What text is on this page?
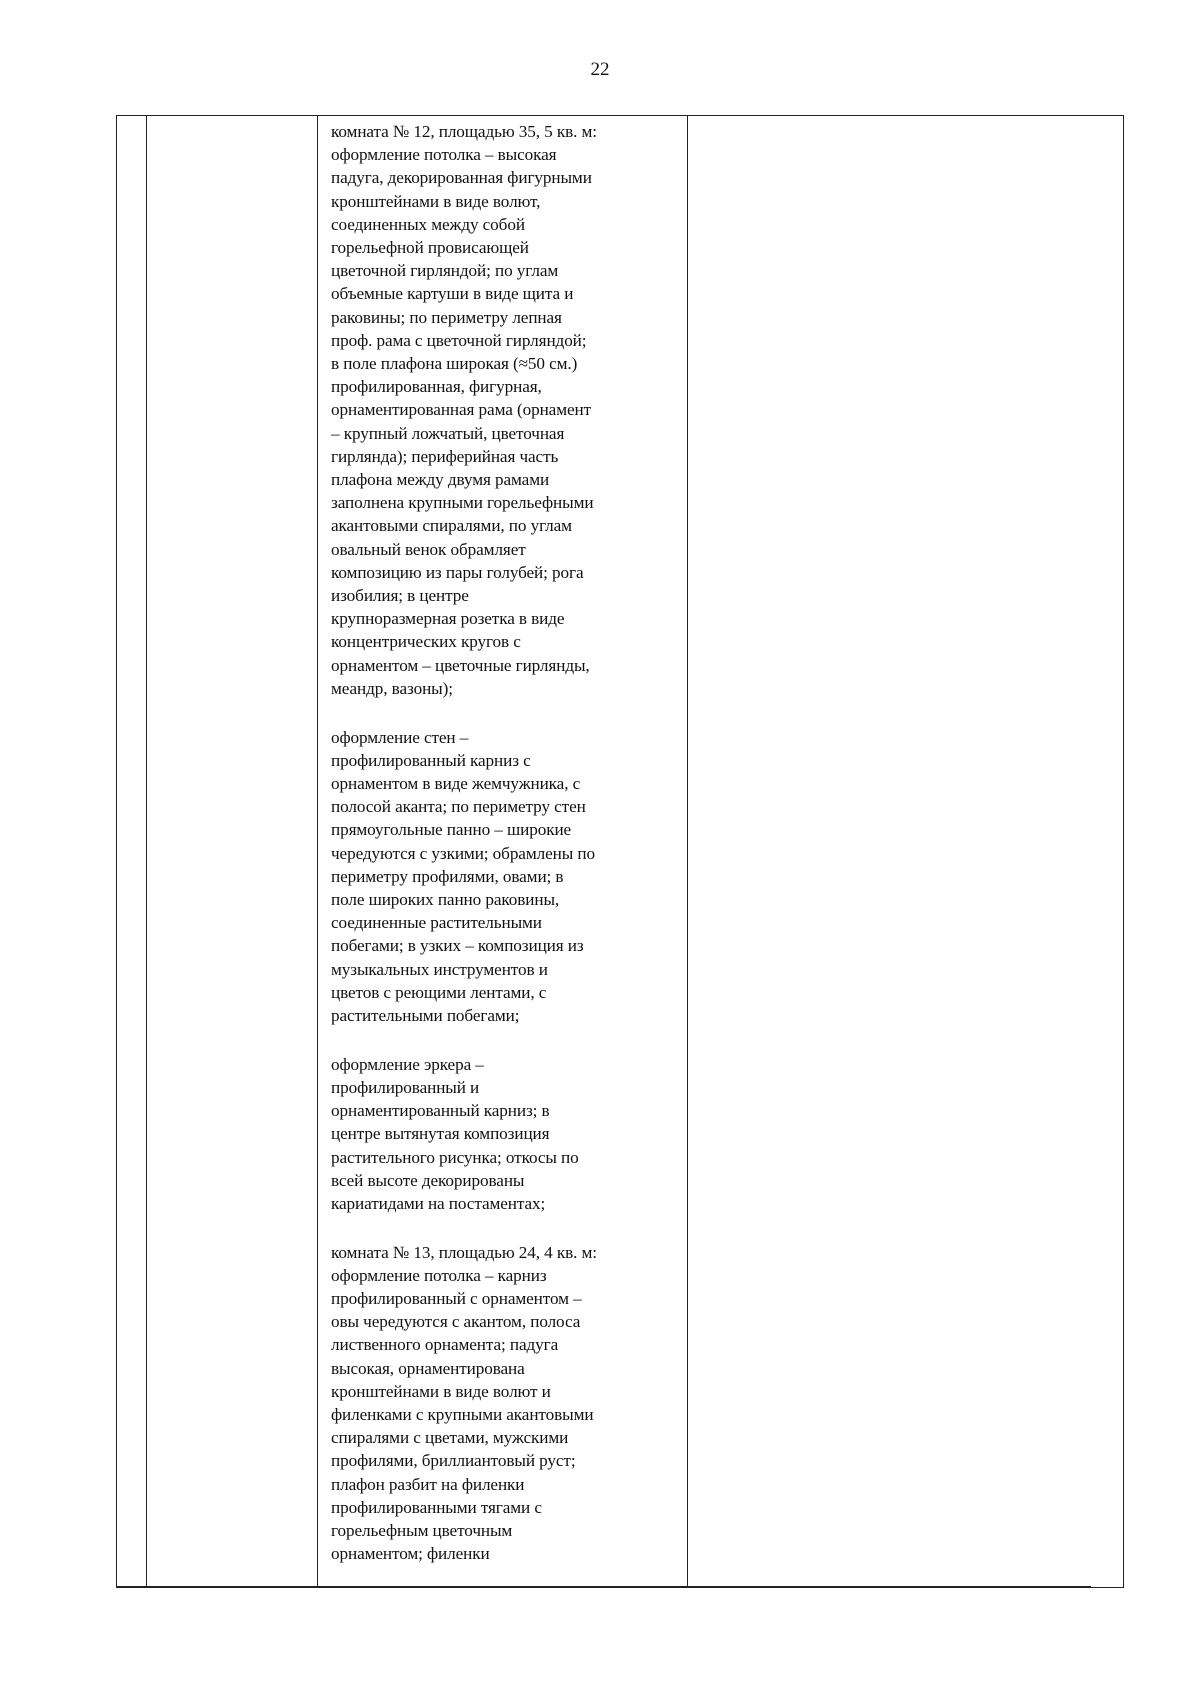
22

комната № 12, площадью 35, 5 кв. м:
оформление потолка – высокая
падуга, декорированная фигурными
кронштейнами в виде волют,
соединенных между собой
горельефной провисающей
цветочной гирляндой; по углам
объемные картуши в виде щита и
раковины; по периметру лепная
проф. рама с цветочной гирляндой;
в поле плафона широкая (≈50 см.)
профилированная, фигурная,
орнаментированная рама (орнамент
– крупный ложчатый, цветочная
гирлянда); периферийная часть
плафона между двумя рамами
заполнена крупными горельефными
акантовыми спиралями, по углам
овальный венок обрамляет
композицию из пары голубей; рога
изобилия; в центре
крупноразмерная розетка в виде
концентрических кругов с
орнаментом – цветочные гирлянды,
меандр, вазоны);

оформление стен –
профилированный карниз с
орнаментом в виде жемчужника, с
полосой аканта; по периметру стен
прямоугольные панно – широкие
чередуются с узкими; обрамлены по
периметру профилями, овами; в
поле широких панно раковины,
соединенные растительными
побегами; в узких – композиция из
музыкальных инструментов и
цветов с реющими лентами, с
растительными побегами;

оформление эркера –
профилированный и
орнаментированный карниз; в
центре вытянутая композиция
растительного рисунка; откосы по
всей высоте декорированы
кариатидами на постаментах;

комната № 13, площадью 24, 4 кв. м:
оформление потолка – карниз
профилированный с орнаментом –
овы чередуются с акантом, полоса
лиственного орнамента; падуга
высокая, орнаментирована
кронштейнами в виде волют и
филенками с крупными акантовыми
спиралями с цветами, мужскими
профилями, бриллиантовый руст;
плафон разбит на филенки
профилированными тягами с
горельефным цветочным
орнаментом; филенки
